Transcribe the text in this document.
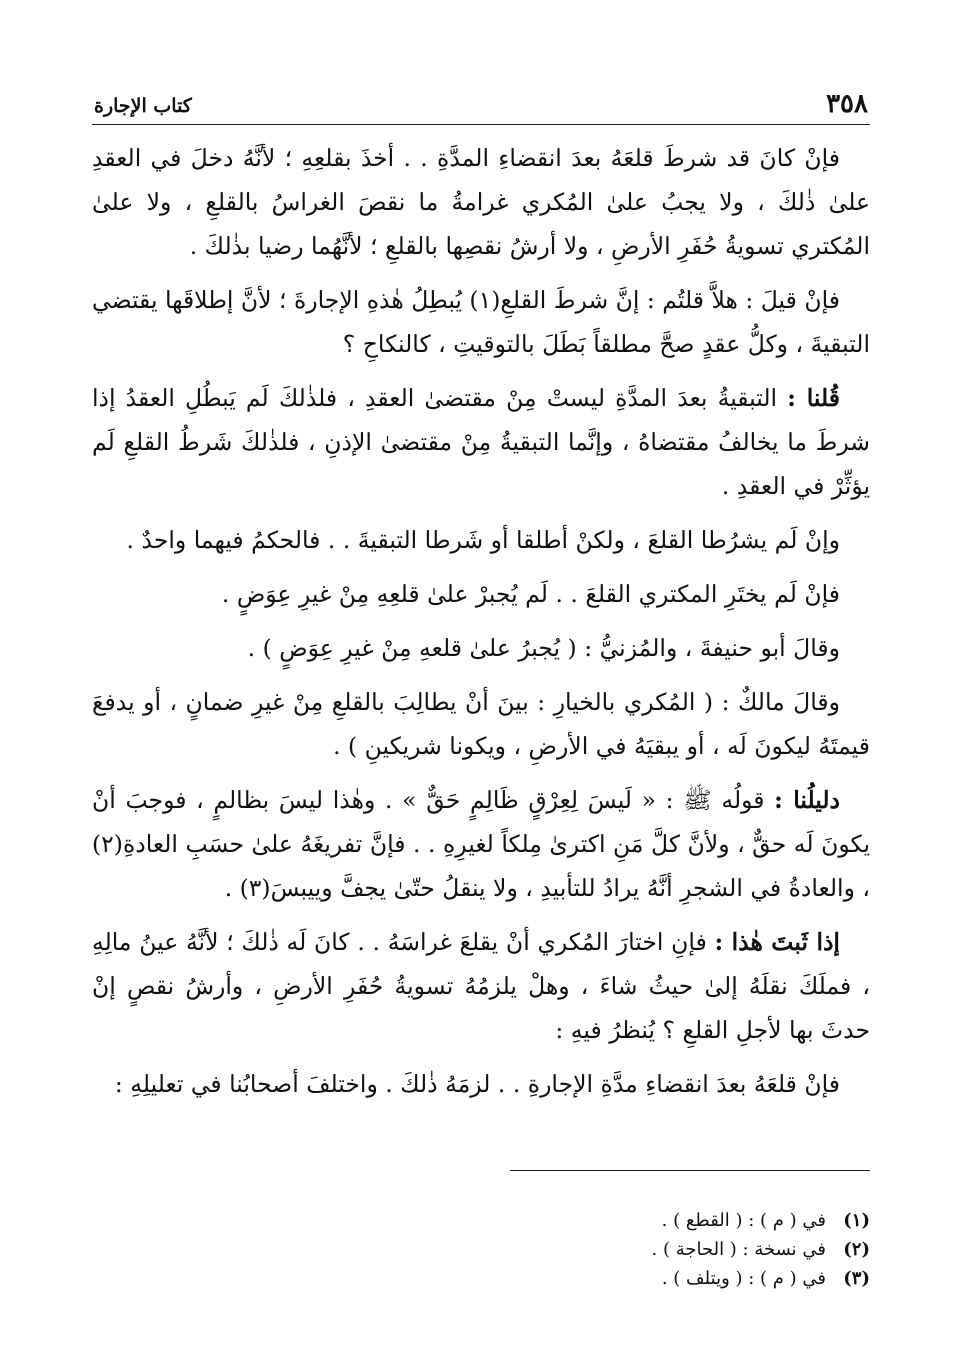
٣٥٨
كتاب الإجارة

فإنْ كانَ قد شرطَ قلعَهُ بعدَ انقضاءِ المدَّةِ . . أخذَ بقلعِهِ ؛ لأنَّهُ دخلَ في العقدِ علىٰ ذٰلكَ ، ولا يجبُ علىٰ المُكري غرامةُ ما نقصَ الغراسُ بالقلعِ ، ولا علىٰ المُكتري تسويةُ حُفَرِ الأرضِ ، ولا أرشُ نقصِها بالقلعِ ؛ لأنَّهُما رضيا بذٰلكَ .

فإنْ قيلَ : هلاَّ قلتُم : إنَّ شرطَ القلعِ(١) يُبطِلُ هٰذهِ الإجارةَ ؛ لأنَّ إطلاقَها يقتضي التبقيةَ ، وكلُّ عقدٍ صحَّ مطلقاً بَطَلَ بالتوقيتِ ، كالنكاحِ ؟

قُلنا : التبقيةُ بعدَ المدَّةِ ليستْ مِنْ مقتضىٰ العقدِ ، فلذٰلكَ لَم يَبطُلِ العقدُ إذا شرطَ ما يخالفُ مقتضاهُ ، وإنَّما التبقيةُ مِنْ مقتضىٰ الإذنِ ، فلذٰلكَ شَرطُ القلعِ لَم يؤثِّرْ في العقدِ .

وإنْ لَم يشرُطا القلعَ ، ولكنْ أطلقا أو شَرطا التبقيةَ . . فالحكمُ فيهما واحدٌ .

فإنْ لَم يختَرِ المكتري القلعَ . . لَم يُجبرْ علىٰ قلعِهِ مِنْ غيرِ عِوَضٍ .

وقالَ أبو حنيفةَ ، والمُزنيُّ : ( يُجبرُ علىٰ قلعهِ مِنْ غيرِ عِوَضٍ ) .

وقالَ مالكٌ : ( المُكري بالخيارِ : بينَ أنْ يطالِبَ بالقلعِ مِنْ غيرِ ضمانٍ ، أو يدفعَ قيمتَهُ ليكونَ لَه ، أو يبقيَهُ في الأرضِ ، ويكونا شريكينِ ) .

دليلُنا : قولُه ﷺ : « لَيسَ لِعِرْقٍ ظَالِمٍ حَقٌّ » . وهٰذا ليسَ بظالمٍ ، فوجبَ أنْ يكونَ لَه حقٌّ ، ولأنَّ كلَّ مَنِ اكترىٰ مِلكاً لغيرِهِ . . فإنَّ تفريغَهُ علىٰ حسَبِ العادةِ(٢) ، والعادةُ في الشجرِ أنَّهُ يرادُ للتأبيدِ ، ولا ينقلُ حتّىٰ يجفَّ وييبسَ(٣) .

إذا ثَبتَ هٰذا : فإنِ اختارَ المُكري أنْ يقلعَ غراسَهُ . . كانَ لَه ذٰلكَ ؛ لأنَّهُ عينُ مالِهِ ، فملَكَ نقلَهُ إلىٰ حيثُ شاءَ ، وهلْ يلزمُهُ تسويةُ حُفَرِ الأرضِ ، وأرشُ نقصٍ إنْ حدثَ بها لأجلِ القلعِ ؟ يُنظرُ فيهِ :

فإنْ قلعَهُ بعدَ انقضاءِ مدَّةِ الإجارةِ . . لزمَهُ ذٰلكَ . واختلفَ أصحابُنا في تعليلِهِ :

(١)في ( م ) : ( القطع ) .
(٢)في نسخة : ( الحاجة ) .
(٣)في ( م ) : ( ويتلف ) .
